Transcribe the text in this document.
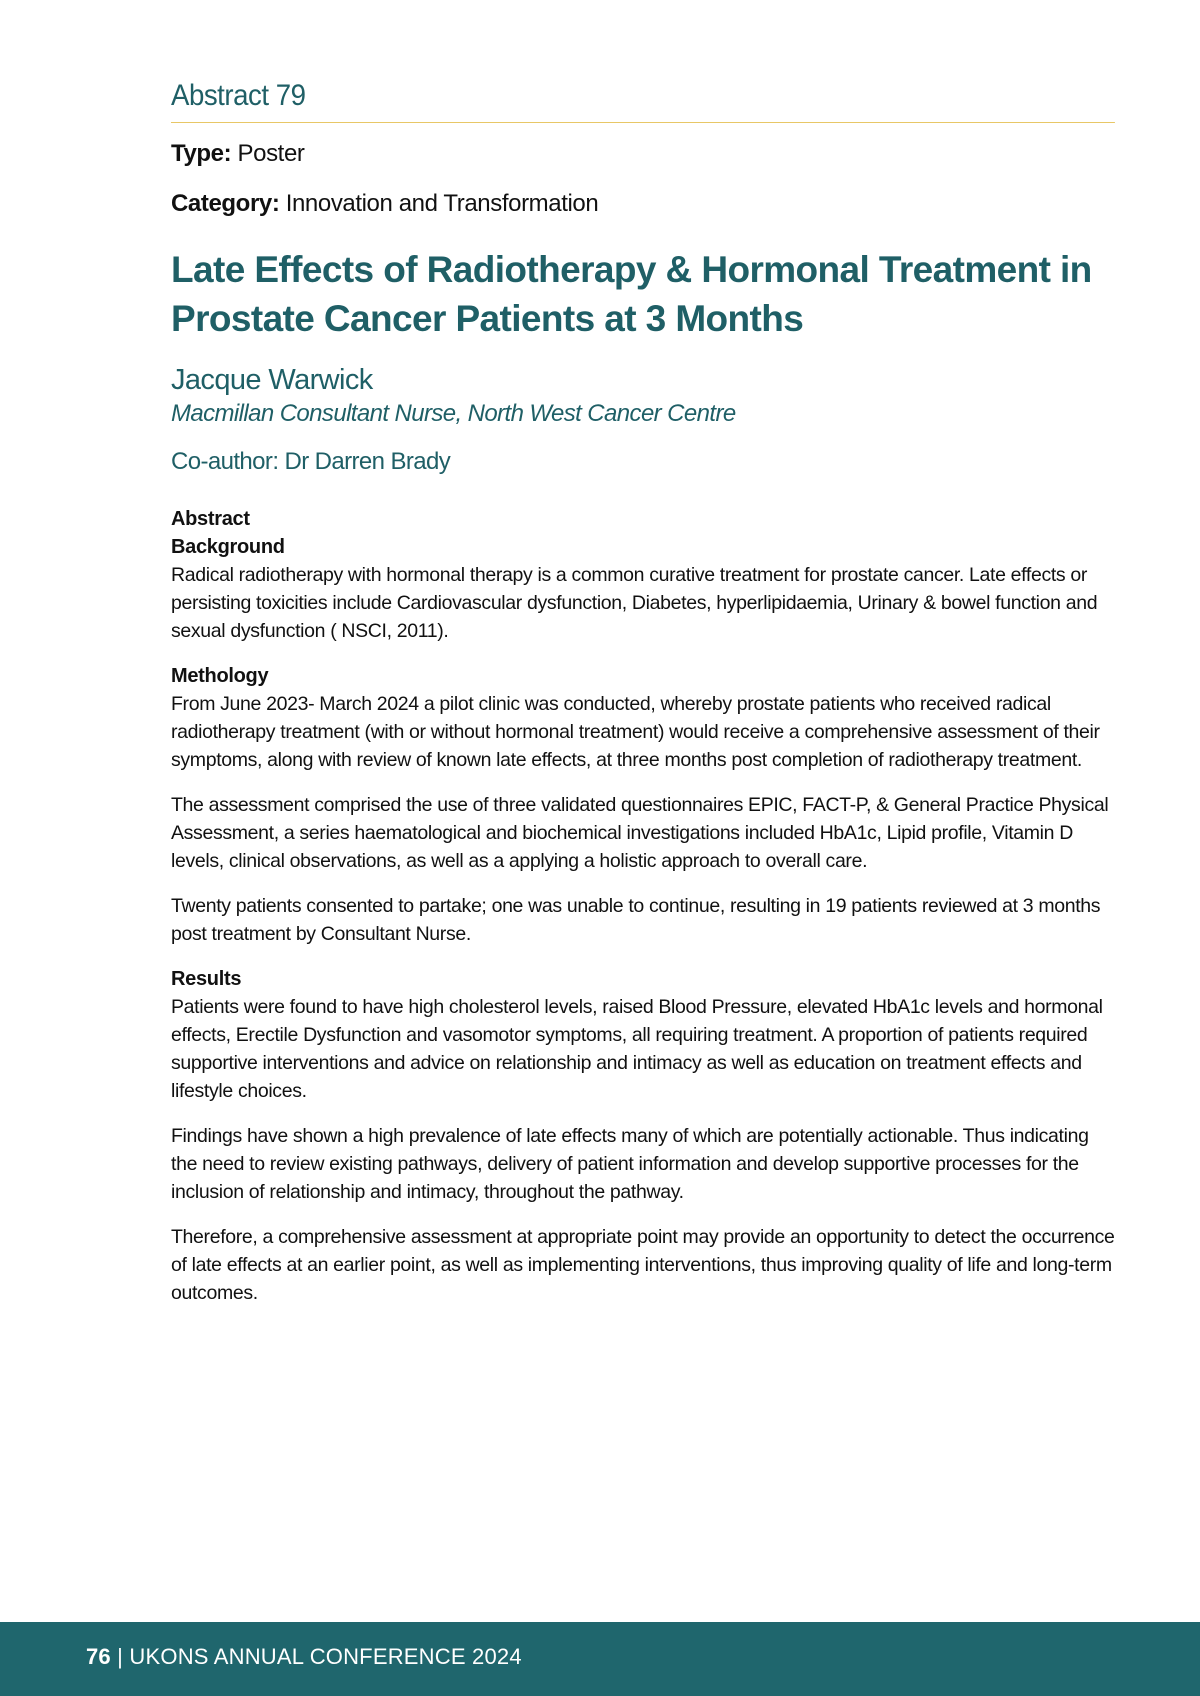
Abstract 79
Type: Poster
Category: Innovation and Transformation
Late Effects of Radiotherapy & Hormonal Treatment in Prostate Cancer Patients at 3 Months
Jacque Warwick
Macmillan Consultant Nurse, North West Cancer Centre
Co-author: Dr Darren Brady
Abstract
Background

Radical radiotherapy with hormonal therapy is a common curative treatment for prostate cancer. Late effects or persisting toxicities include Cardiovascular dysfunction, Diabetes, hyperlipidaemia, Urinary & bowel function and sexual dysfunction ( NSCI, 2011).

Methology

From June 2023- March 2024 a pilot clinic was conducted, whereby prostate patients who received radical radiotherapy treatment (with or without hormonal treatment) would receive a comprehensive assessment of their symptoms, along with review of known late effects, at three months post completion of radiotherapy treatment.

The assessment comprised the use of three validated questionnaires EPIC, FACT-P, & General Practice Physical Assessment, a series haematological and biochemical investigations included HbA1c, Lipid profile, Vitamin D levels, clinical observations, as well as a applying a holistic approach to overall care.

Twenty patients consented to partake; one was unable to continue, resulting in 19 patients reviewed at 3 months post treatment by Consultant Nurse.

Results

Patients were found to have high cholesterol levels, raised Blood Pressure, elevated HbA1c levels and hormonal effects, Erectile Dysfunction and vasomotor symptoms, all requiring treatment. A proportion of patients required supportive interventions and advice on relationship and intimacy as well as education on treatment effects and lifestyle choices.

Findings have shown a high prevalence of late effects many of which are potentially actionable. Thus indicating the need to review existing pathways, delivery of patient information and develop supportive processes for the inclusion of relationship and intimacy, throughout the pathway.

Therefore, a comprehensive assessment at appropriate point may provide an opportunity to detect the occurrence of late effects at an earlier point, as well as implementing interventions, thus improving quality of life and long-term outcomes.

76 | UKONS ANNUAL CONFERENCE 2024
